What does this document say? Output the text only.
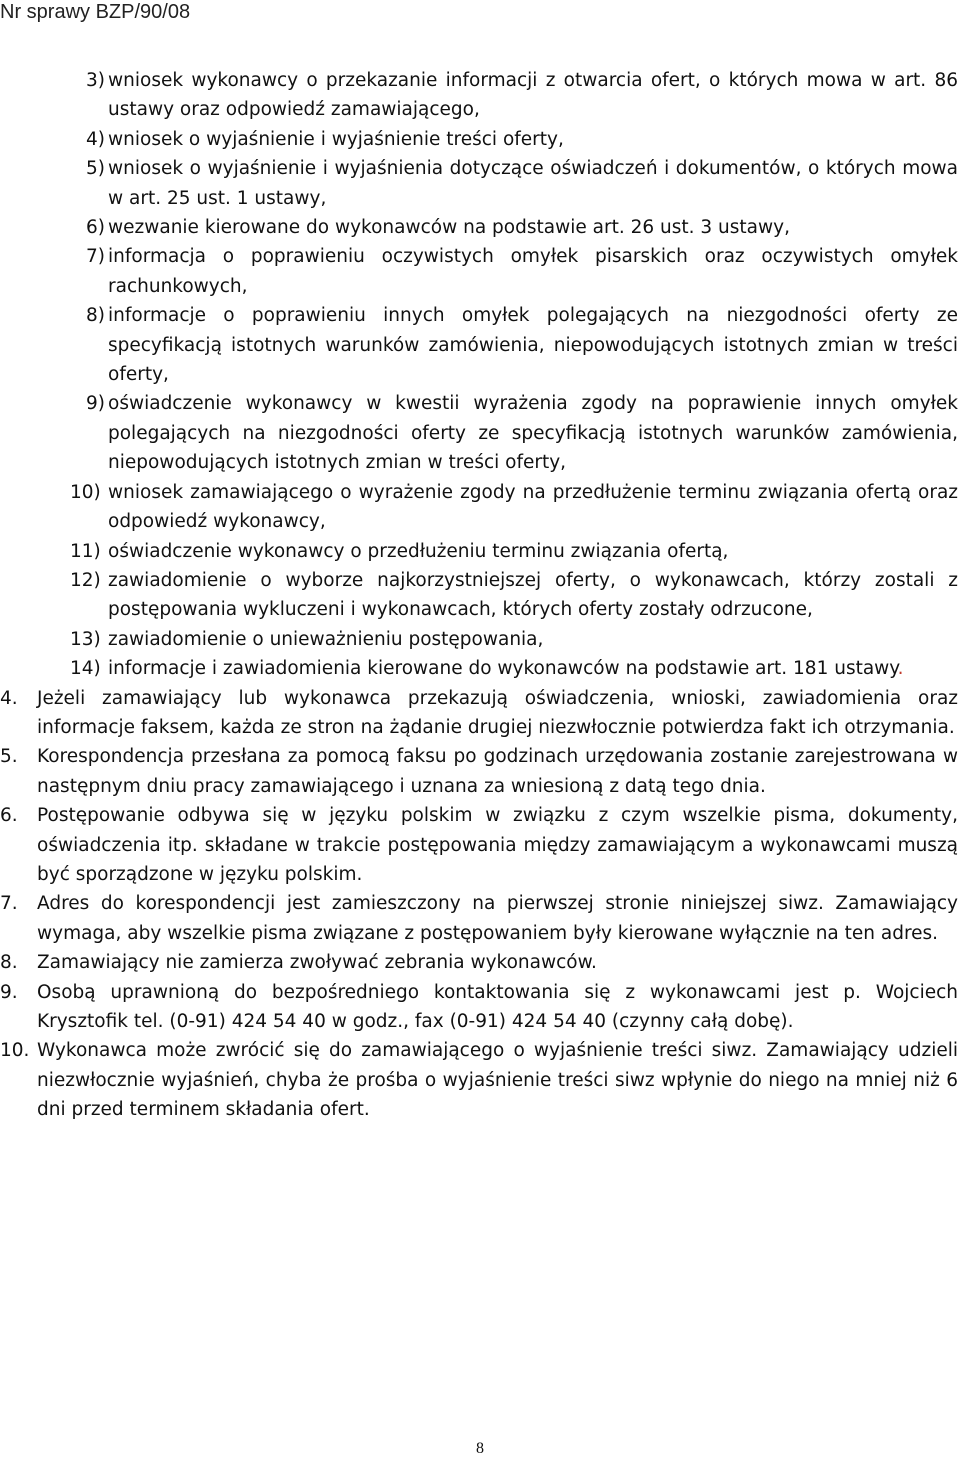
Nr sprawy BZP/90/08
3) wniosek wykonawcy o przekazanie informacji z otwarcia ofert, o których mowa w art. 86 ustawy oraz odpowiedź zamawiającego,
4) wniosek o wyjaśnienie i wyjaśnienie treści oferty,
5) wniosek o wyjaśnienie i wyjaśnienia dotyczące oświadczeń i dokumentów, o których mowa w art. 25 ust. 1 ustawy,
6) wezwanie kierowane do wykonawców na podstawie art. 26 ust. 3 ustawy,
7) informacja o poprawieniu oczywistych omyłek pisarskich oraz oczywistych omyłek rachunkowych,
8) informacje o poprawieniu innych omyłek polegających na niezgodności oferty ze specyfikacją istotnych warunków zamówienia, niepowodujących istotnych zmian w treści oferty,
9) oświadczenie wykonawcy w kwestii wyrażenia zgody na poprawienie innych omyłek polegających na niezgodności oferty ze specyfikacją istotnych warunków zamówienia, niepowodujących istotnych zmian w treści oferty,
10) wniosek zamawiającego o wyrażenie zgody na przedłużenie terminu związania ofertą oraz odpowiedź wykonawcy,
11) oświadczenie wykonawcy o przedłużeniu terminu związania ofertą,
12) zawiadomienie o wyborze najkorzystniejszej oferty, o wykonawcach, którzy zostali z postępowania wykluczeni i wykonawcach, których oferty zostały odrzucone,
13) zawiadomienie o unieważnieniu postępowania,
14) informacje i zawiadomienia kierowane do wykonawców na podstawie art. 181 ustawy.
4.	Jeżeli zamawiający lub wykonawca przekazują oświadczenia, wnioski, zawiadomienia oraz informacje faksem, każda ze stron na żądanie drugiej niezwłocznie potwierdza fakt ich otrzymania.
5.	Korespondencja przesłana za pomocą faksu po godzinach urzędowania zostanie zarejestrowana w następnym dniu pracy zamawiającego i uznana za wniesioną z datą tego dnia.
6.	Postępowanie odbywa się w języku polskim w związku z czym wszelkie pisma, dokumenty, oświadczenia itp. składane w trakcie postępowania między zamawiającym a wykonawcami muszą być sporządzone w języku polskim.
7.	Adres do korespondencji jest zamieszczony na pierwszej stronie niniejszej siwz. Zamawiający wymaga, aby wszelkie pisma związane z postępowaniem były kierowane wyłącznie na ten adres.
8.	Zamawiający nie zamierza zwoływać zebrania wykonawców.
9.	Osobą uprawnioną do bezpośredniego kontaktowania się z wykonawcami jest p. Wojciech Krysztofik tel. (0-91) 424 54 40 w godz., fax (0-91) 424 54 40 (czynny całą dobę).
10. Wykonawca może zwrócić się do zamawiającego o wyjaśnienie treści siwz. Zamawiający udzieli niezwłocznie wyjaśnień, chyba że prośba o wyjaśnienie treści siwz wpłynie do niego na mniej niż 6 dni przed terminem składania ofert.
8
